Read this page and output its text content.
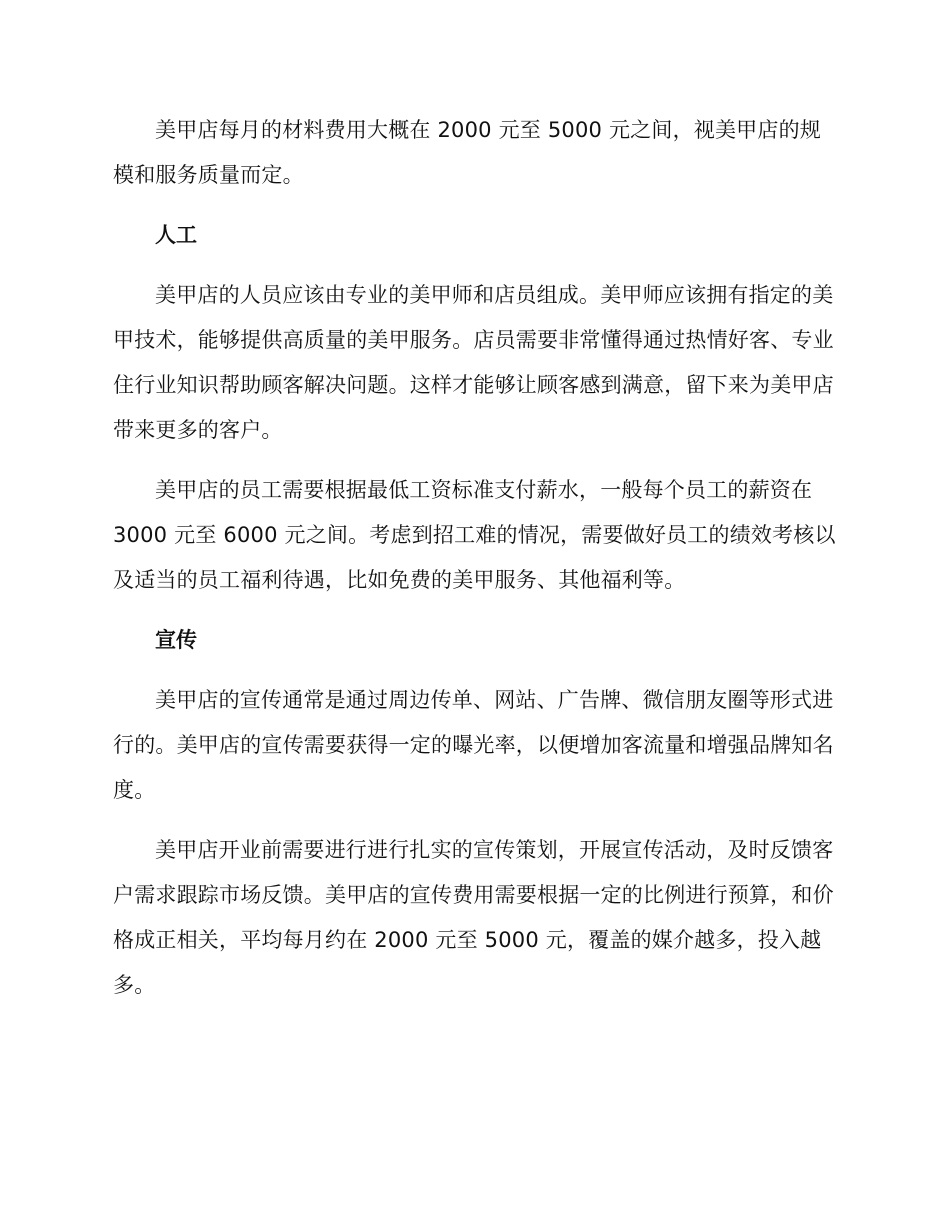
美甲店每月的材料费用大概在 2000 元至 5000 元之间，视美甲店的规模和服务质量而定。

人工

美甲店的人员应该由专业的美甲师和店员组成。美甲师应该拥有指定的美甲技术，能够提供高质量的美甲服务。店员需要非常懂得通过热情好客、专业住行业知识帮助顾客解决问题。这样才能够让顾客感到满意，留下来为美甲店带来更多的客户。

美甲店的员工需要根据最低工资标准支付薪水，一般每个员工的薪资在 3000 元至 6000 元之间。考虑到招工难的情况，需要做好员工的绩效考核以及适当的员工福利待遇，比如免费的美甲服务、其他福利等。

宣传

美甲店的宣传通常是通过周边传单、网站、广告牌、微信朋友圈等形式进行的。美甲店的宣传需要获得一定的曝光率，以便增加客流量和增强品牌知名度。

美甲店开业前需要进行进行扎实的宣传策划，开展宣传活动，及时反馈客户需求跟踪市场反馈。美甲店的宣传费用需要根据一定的比例进行预算，和价格成正相关，平均每月约在 2000 元至 5000 元，覆盖的媒介越多，投入越多。
